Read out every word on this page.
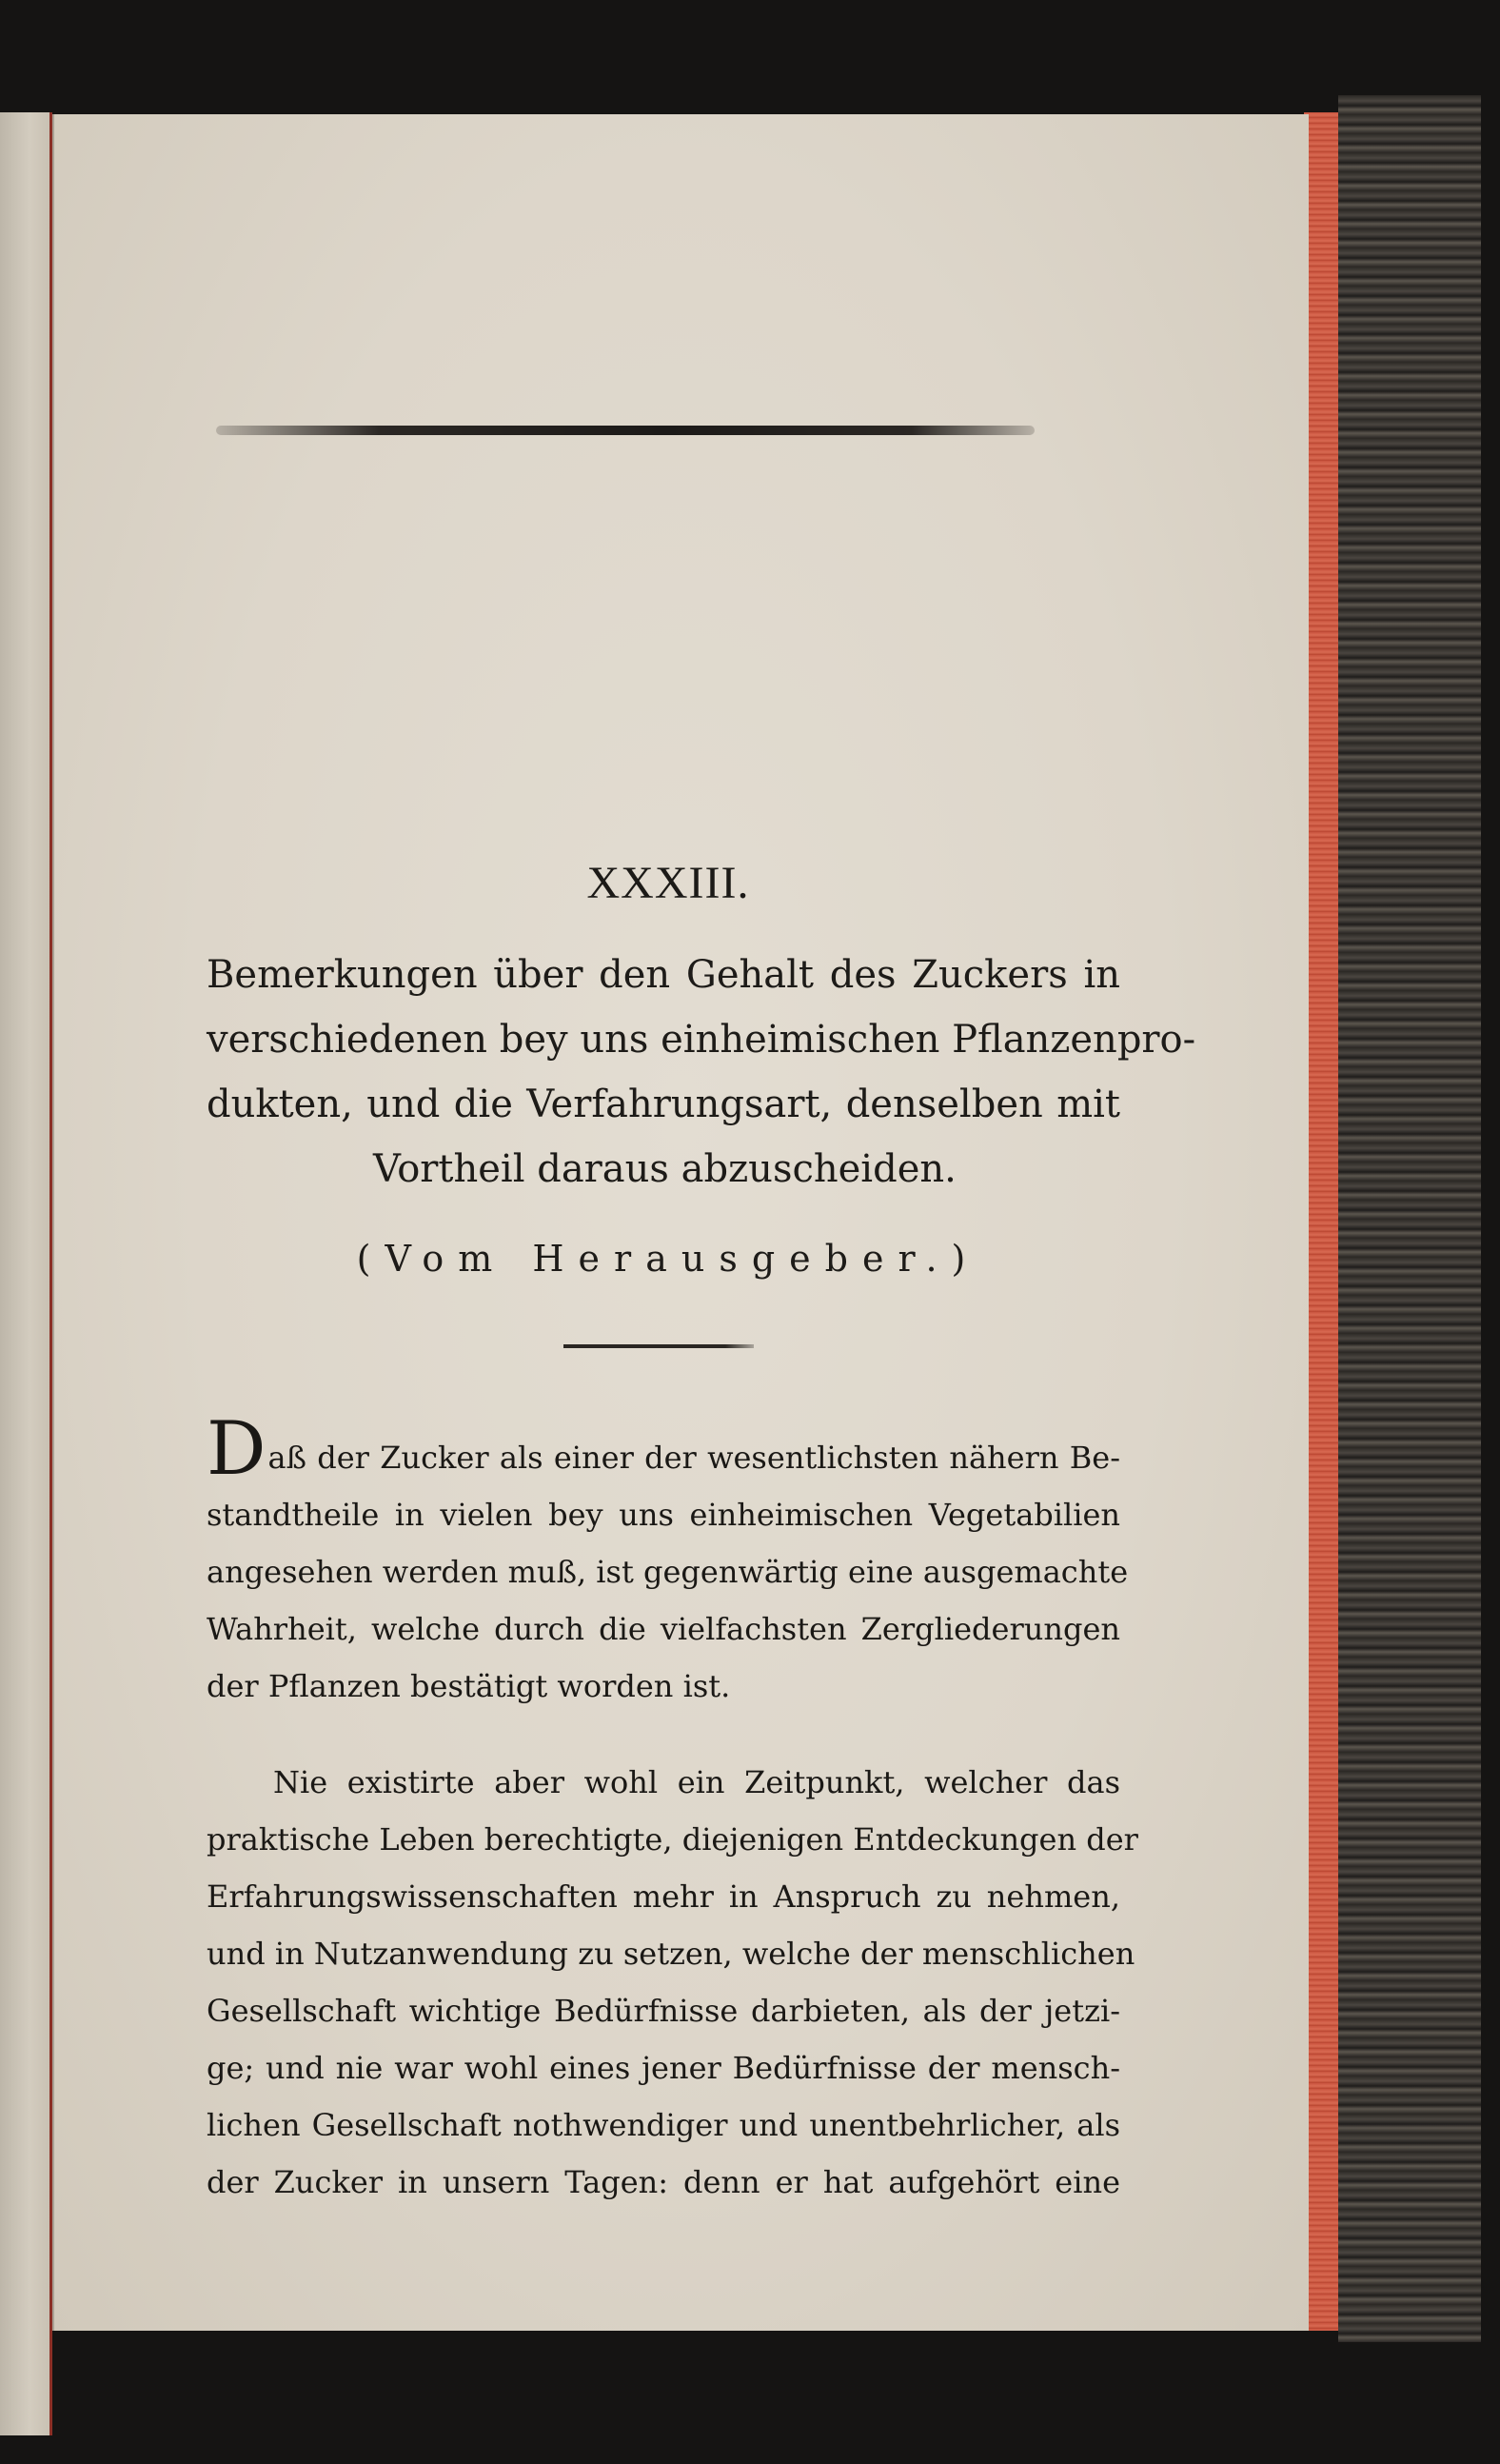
XXXIII.
Bemerkungen über den Gehalt des Zuckers in
verschiedenen bey uns einheimischen Pflanzenpro-
dukten, und die Verfahrungsart, denselben mit
Vortheil daraus abzuscheiden.
(Vom Herausgeber.)
Daß der Zucker als einer der wesentlichsten nähern Be-
standtheile in vielen bey uns einheimischen Vegetabilien
angesehen werden muß, ist gegenwärtig eine ausgemachte
Wahrheit, welche durch die vielfachsten Zergliederungen
der Pflanzen bestätigt worden ist.
Nie existirte aber wohl ein Zeitpunkt, welcher das
praktische Leben berechtigte, diejenigen Entdeckungen der
Erfahrungswissenschaften mehr in Anspruch zu nehmen,
und in Nutzanwendung zu setzen, welche der menschlichen
Gesellschaft wichtige Bedürfnisse darbieten, als der jetzi-
ge; und nie war wohl eines jener Bedürfnisse der mensch-
lichen Gesellschaft nothwendiger und unentbehrlicher, als
der Zucker in unsern Tagen: denn er hat aufgehört eine
